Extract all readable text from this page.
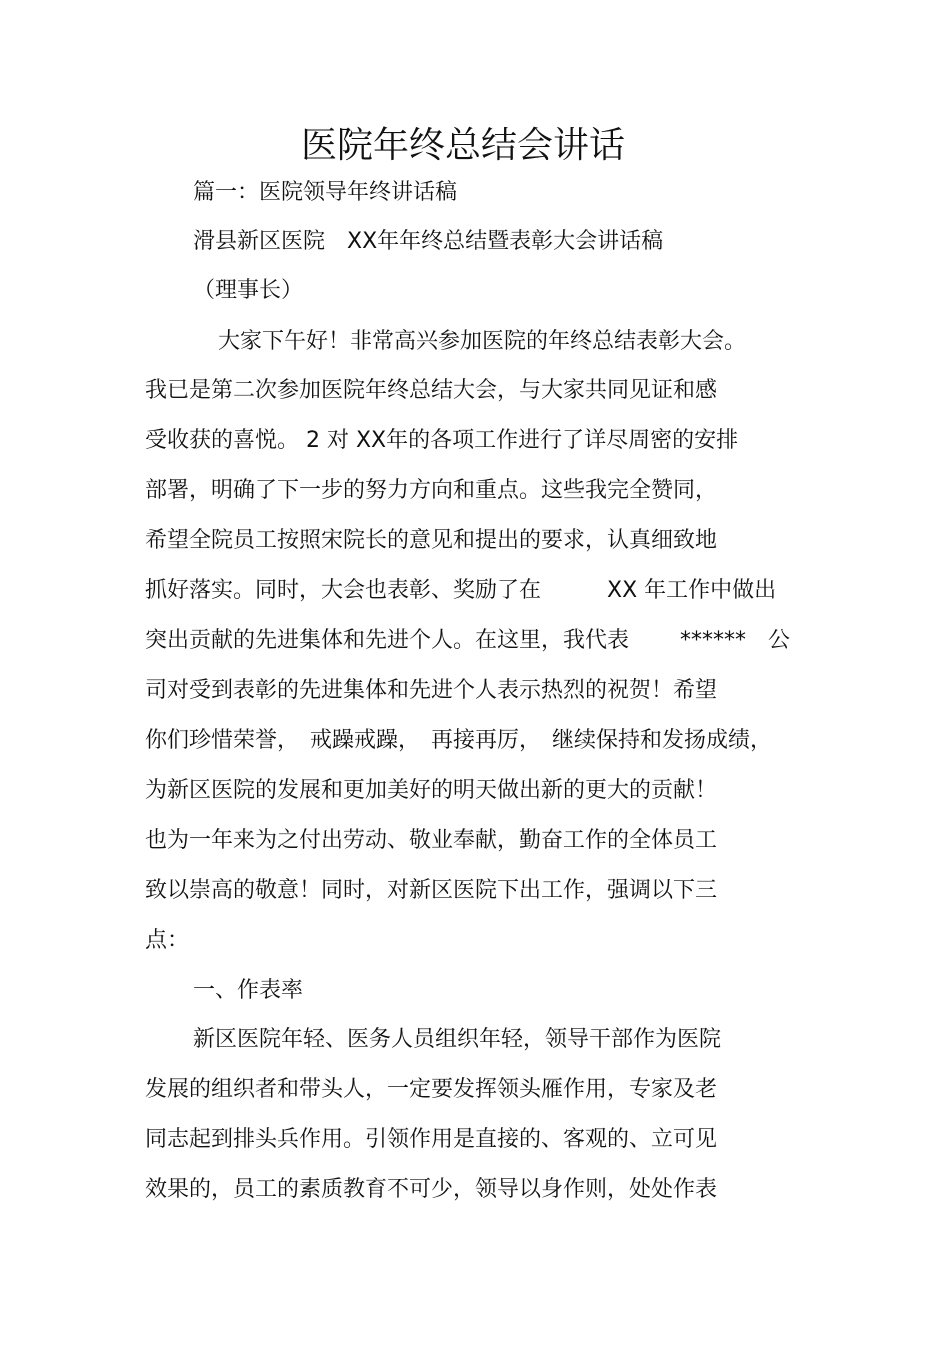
医院年终总结会讲话
篇一：医院领导年终讲话稿
滑县新区医院　XX年年终总结暨表彰大会讲话稿
（理事长）
大家下午好！非常高兴参加医院的年终总结表彰大会。
我已是第二次参加医院年终总结大会，与大家共同见证和感
受收获的喜悦。 2 对 XX年的各项工作进行了详尽周密的安排
部署，明确了下一步的努力方向和重点。这些我完全赞同，
希望全院员工按照宋院长的意见和提出的要求，认真细致地
抓好落实。同时，大会也表彰、奖励了在　　　XX 年工作中做出
突出贡献的先进集体和先进个人。在这里，我代表　　 ******　公
司对受到表彰的先进集体和先进个人表示热烈的祝贺！希望
你们珍惜荣誉，　戒躁戒躁，　再接再厉，　继续保持和发扬成绩，
为新区医院的发展和更加美好的明天做出新的更大的贡献！
也为一年来为之付出劳动、敬业奉献，勤奋工作的全体员工
致以崇高的敬意！同时，对新区医院下出工作，强调以下三
点：
一、作表率
新区医院年轻、医务人员组织年轻，领导干部作为医院
发展的组织者和带头人，一定要发挥领头雁作用，专家及老
同志起到排头兵作用。引领作用是直接的、客观的、立可见
效果的，员工的素质教育不可少，领导以身作则，处处作表
